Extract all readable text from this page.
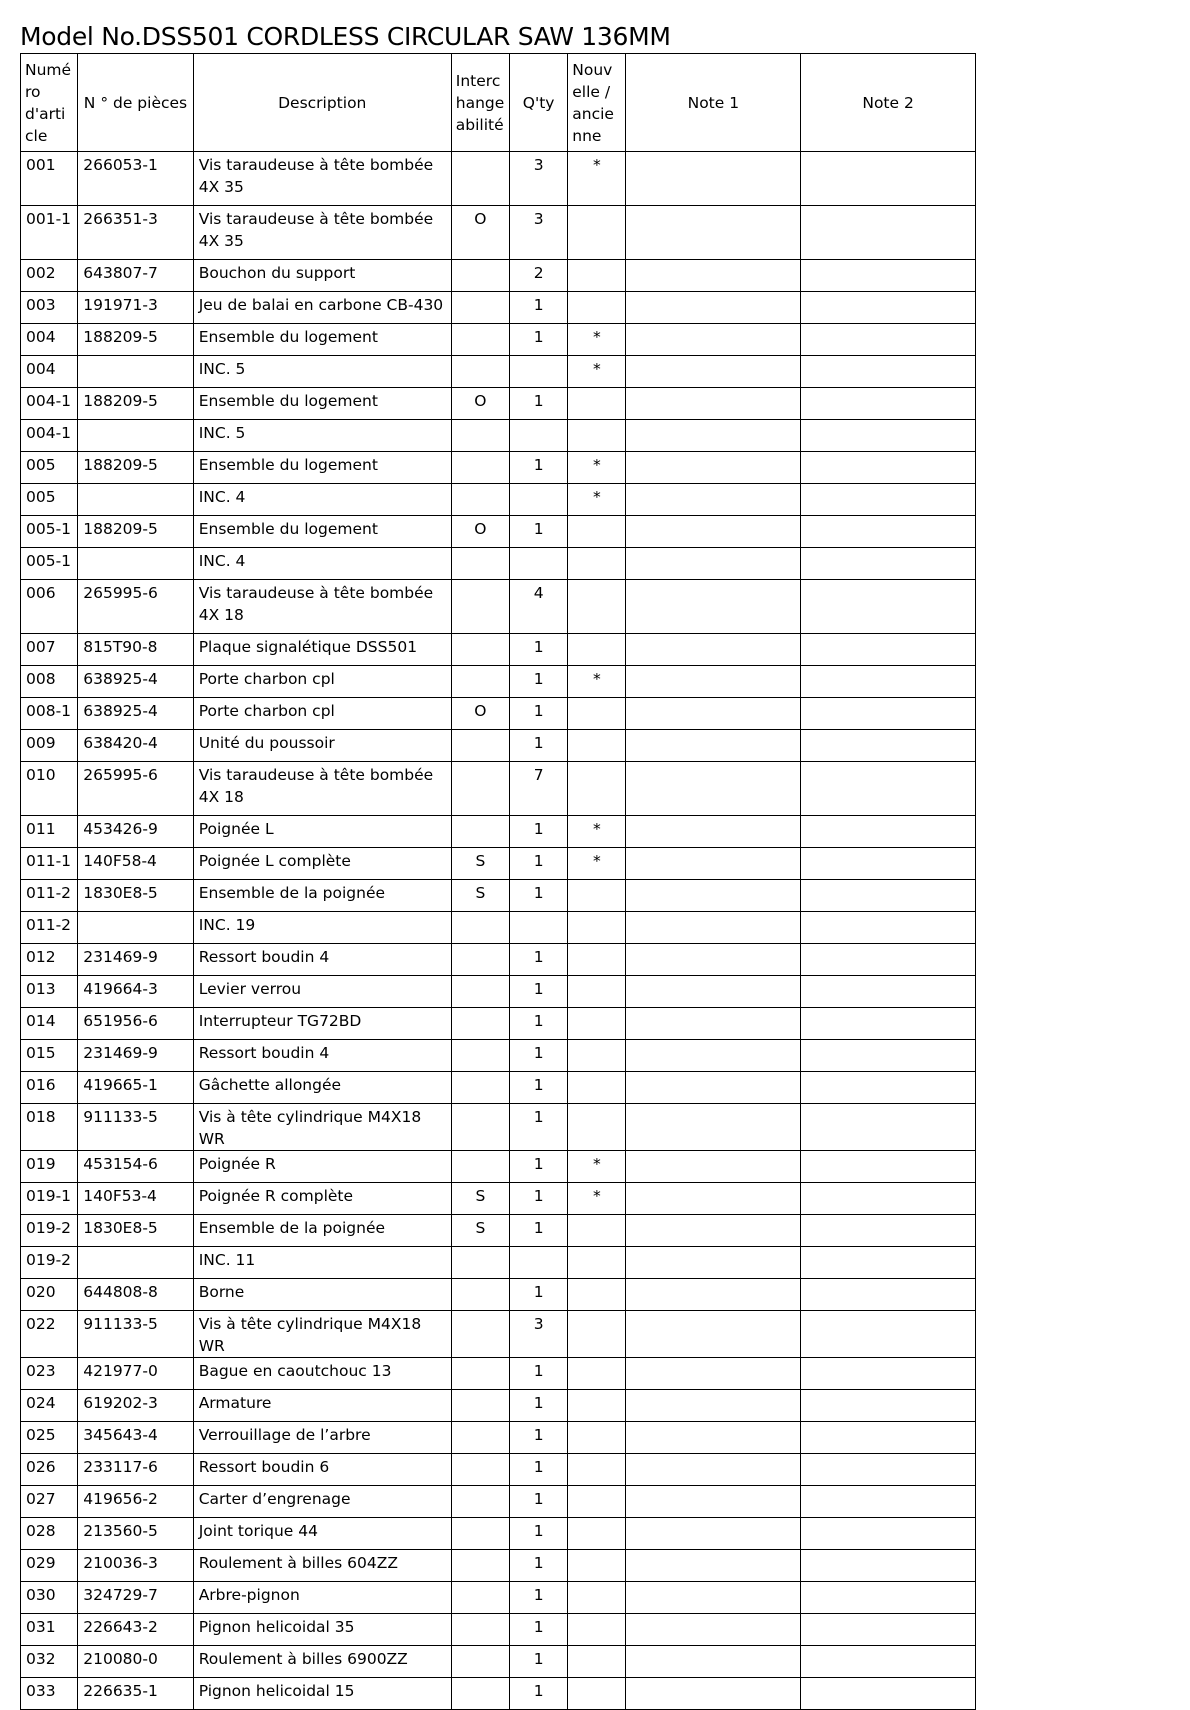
Model No.DSS501 CORDLESS CIRCULAR SAW 136MM
Numéro d'article	N ° de pièces	Description	Interchangeabilité	Q'ty	Nouvelle / ancienne	Note 1	Note 2
001	266053-1	Vis taraudeuse à tête bombée 4X 35		3	*		
001-1	266351-3	Vis taraudeuse à tête bombée 4X 35	O	3			
002	643807-7	Bouchon du support		2			
003	191971-3	Jeu de balai en carbone CB-430		1			
004	188209-5	Ensemble du logement		1	*		
004		INC. 5			*		
004-1	188209-5	Ensemble du logement	O	1			
004-1		INC. 5					
005	188209-5	Ensemble du logement		1	*		
005		INC. 4			*		
005-1	188209-5	Ensemble du logement	O	1			
005-1		INC. 4					
006	265995-6	Vis taraudeuse à tête bombée 4X 18		4			
007	815T90-8	Plaque signalétique DSS501		1			
008	638925-4	Porte charbon cpl		1	*		
008-1	638925-4	Porte charbon cpl	O	1			
009	638420-4	Unité du poussoir		1			
010	265995-6	Vis taraudeuse à tête bombée 4X 18		7			
011	453426-9	Poignée L		1	*		
011-1	140F58-4	Poignée L complète	S	1	*		
011-2	1830E8-5	Ensemble de la poignée	S	1			
011-2		INC. 19					
012	231469-9	Ressort boudin 4		1			
013	419664-3	Levier verrou		1			
014	651956-6	Interrupteur TG72BD		1			
015	231469-9	Ressort boudin 4		1			
016	419665-1	Gâchette allongée		1			
018	911133-5	Vis à tête cylindrique M4X18 WR		1			
019	453154-6	Poignée R		1	*		
019-1	140F53-4	Poignée R complète	S	1	*		
019-2	1830E8-5	Ensemble de la poignée	S	1			
019-2		INC. 11					
020	644808-8	Borne		1			
022	911133-5	Vis à tête cylindrique M4X18 WR		3			
023	421977-0	Bague en caoutchouc 13		1			
024	619202-3	Armature		1			
025	345643-4	Verrouillage de l’arbre		1			
026	233117-6	Ressort boudin 6		1			
027	419656-2	Carter d’engrenage		1			
028	213560-5	Joint torique 44		1			
029	210036-3	Roulement à billes 604ZZ		1			
030	324729-7	Arbre-pignon		1			
031	226643-2	Pignon helicoidal 35		1			
032	210080-0	Roulement à billes 6900ZZ		1			
033	226635-1	Pignon helicoidal 15		1			
